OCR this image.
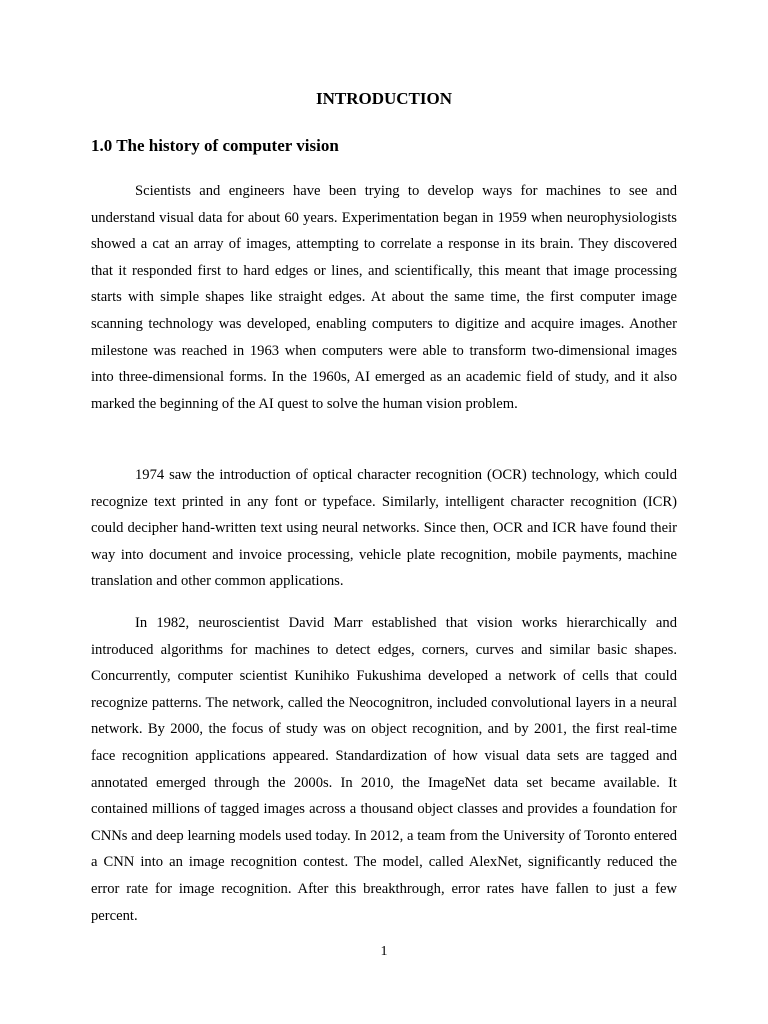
INTRODUCTION
1.0 The history of computer vision

Scientists and engineers have been trying to develop ways for machines to see and understand visual data for about 60 years. Experimentation began in 1959 when neurophysiologists showed a cat an array of images, attempting to correlate a response in its brain. They discovered that it responded first to hard edges or lines, and scientifically, this meant that image processing starts with simple shapes like straight edges. At about the same time, the first computer image scanning technology was developed, enabling computers to digitize and acquire images. Another milestone was reached in 1963 when computers were able to transform two-dimensional images into three-dimensional forms. In the 1960s, AI emerged as an academic field of study, and it also marked the beginning of the AI quest to solve the human vision problem.

1974 saw the introduction of optical character recognition (OCR) technology, which could recognize text printed in any font or typeface. Similarly, intelligent character recognition (ICR) could decipher hand-written text using neural networks. Since then, OCR and ICR have found their way into document and invoice processing, vehicle plate recognition, mobile payments, machine translation and other common applications.

In 1982, neuroscientist David Marr established that vision works hierarchically and introduced algorithms for machines to detect edges, corners, curves and similar basic shapes. Concurrently, computer scientist Kunihiko Fukushima developed a network of cells that could recognize patterns. The network, called the Neocognitron, included convolutional layers in a neural network. By 2000, the focus of study was on object recognition, and by 2001, the first real-time face recognition applications appeared. Standardization of how visual data sets are tagged and annotated emerged through the 2000s. In 2010, the ImageNet data set became available. It contained millions of tagged images across a thousand object classes and provides a foundation for CNNs and deep learning models used today. In 2012, a team from the University of Toronto entered a CNN into an image recognition contest. The model, called AlexNet, significantly reduced the error rate for image recognition. After this breakthrough, error rates have fallen to just a few percent.

1
